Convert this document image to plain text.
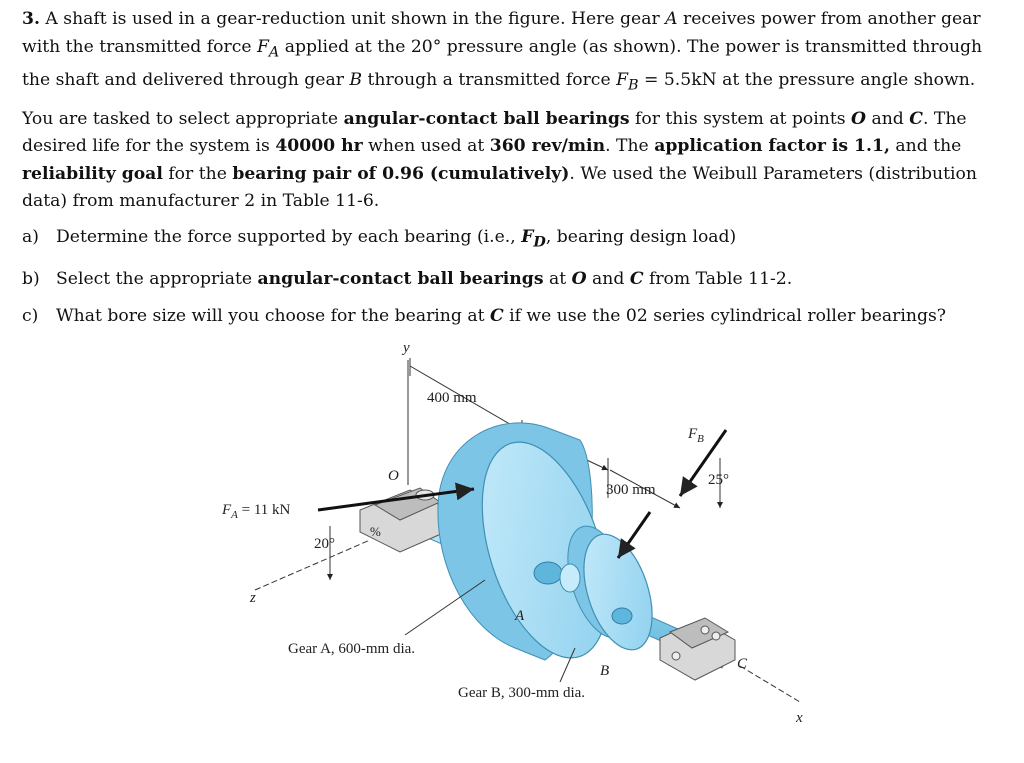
3. A shaft is used in a gear-reduction unit shown in the figure. Here gear A receives power from another gear with the transmitted force $F_A$ applied at the 20° pressure angle (as shown). The power is transmitted through the shaft and delivered through gear B through a transmitted force $F_B = 5.5kN$ at the pressure angle shown.

You are tasked to select appropriate angular-contact ball bearings for this system at points O and C. The desired life for the system is 40000 hr when used at 360 rev/min. The application factor is 1.1, and the reliability goal for the bearing pair of 0.96 (cumulatively). We used the Weibull Parameters (distribution data) from manufacturer 2 in Table 11-6.

a) Determine the force supported by each bearing (i.e., $F_D$, bearing design load)
b) Select the appropriate angular-contact ball bearings at O and C from Table 11-2.
c)	What bore size will you choose for the bearing at C if we use the 02 series cylindrical roller bearings?
y
z
x
400 mm
300 mm
%
O
A
B	C
$F_A = 11$ kN
20°
$F_B$
25°
Gear A, 600-mm dia.
Gear B, 300-mm dia.
